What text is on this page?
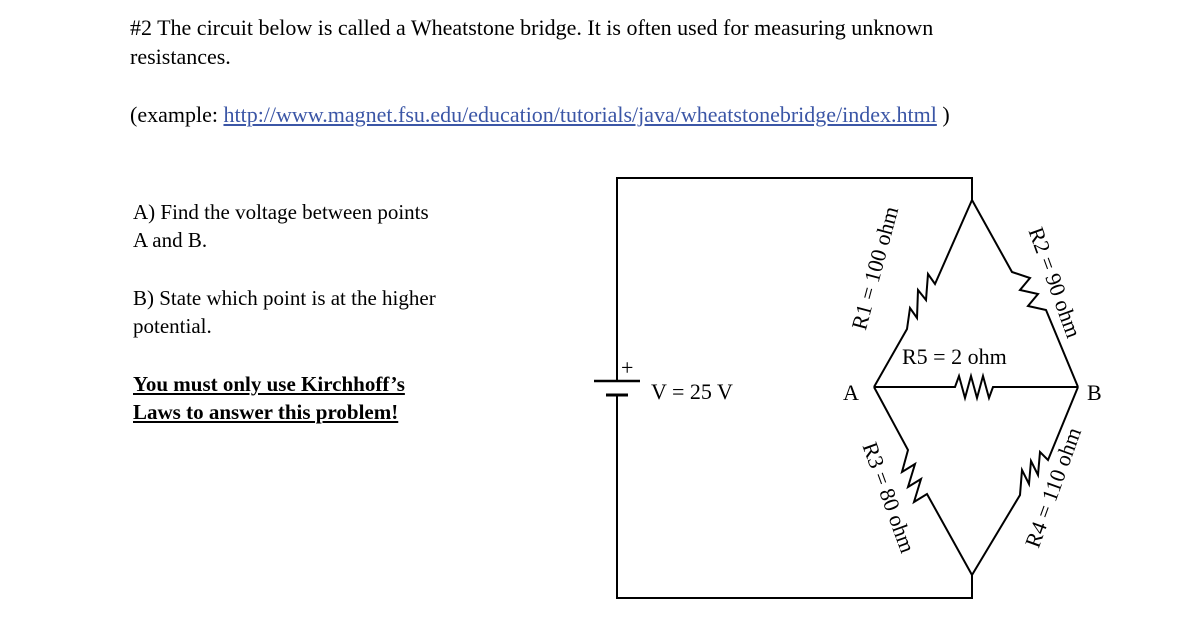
#2 The circuit below is called a Wheatstone bridge. It is often used for measuring unknown

resistances.

(example: http://www.magnet.fsu.edu/education/tutorials/java/wheatstonebridge/index.html )

A) Find the voltage between points

A and B.

B) State which point is at the higher

potential.

You must only use Kirchhoff’s

Laws to answer this problem!

+
V = 25 V	A	B
R5 = 2 ohm
R1 = 100 ohm	R2 = 90 ohm
R3 = 80 ohm	R4 = 110 ohm
